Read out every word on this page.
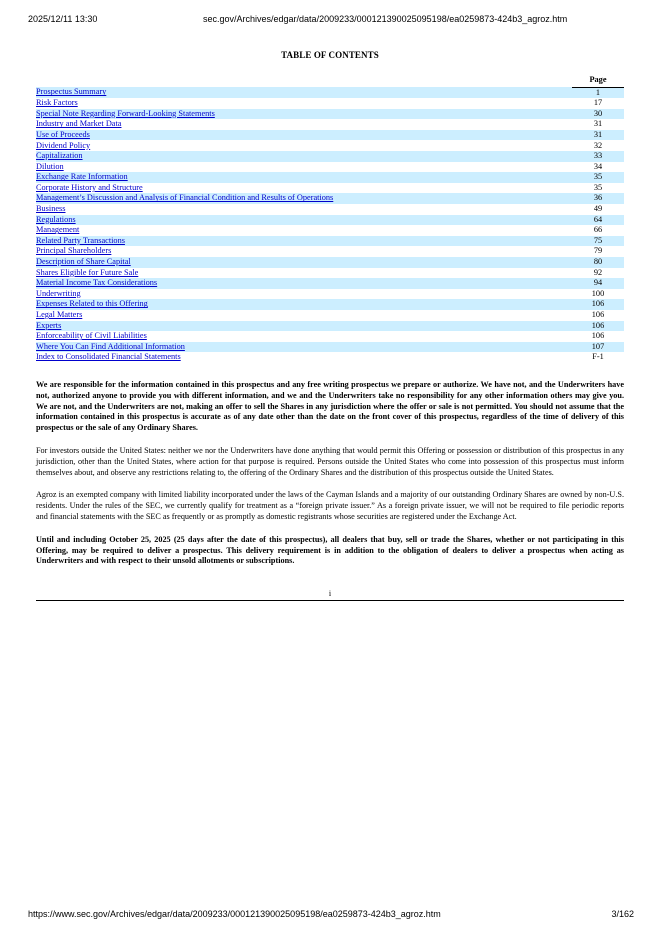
2025/12/11 13:30	sec.gov/Archives/edgar/data/2009233/000121390025095198/ea0259873-424b3_agroz.htm
TABLE OF CONTENTS
	Page
Prospectus Summary	1
Risk Factors	17
Special Note Regarding Forward-Looking Statements	30
Industry and Market Data	31
Use of Proceeds	31
Dividend Policy	32
Capitalization	33
Dilution	34
Exchange Rate Information	35
Corporate History and Structure	35
Management’s Discussion and Analysis of Financial Condition and Results of Operations	36
Business	49
Regulations	64
Management	66
Related Party Transactions	75
Principal Shareholders	79
Description of Share Capital	80
Shares Eligible for Future Sale	92
Material Income Tax Considerations	94
Underwriting	100
Expenses Related to this Offering	106
Legal Matters	106
Experts	106
Enforceability of Civil Liabilities	106
Where You Can Find Additional Information	107
Index to Consolidated Financial Statements	F-1

We are responsible for the information contained in this prospectus and any free writing prospectus we prepare or authorize. We have not, and the Underwriters have not, authorized anyone to provide you with different information, and we and the Underwriters take no responsibility for any other information others may give you. We are not, and the Underwriters are not, making an offer to sell the Shares in any jurisdiction where the offer or sale is not permitted. You should not assume that the information contained in this prospectus is accurate as of any date other than the date on the front cover of this prospectus, regardless of the time of delivery of this prospectus or the sale of any Ordinary Shares.

For investors outside the United States: neither we nor the Underwriters have done anything that would permit this Offering or possession or distribution of this prospectus in any jurisdiction, other than the United States, where action for that purpose is required. Persons outside the United States who come into possession of this prospectus must inform themselves about, and observe any restrictions relating to, the offering of the Ordinary Shares and the distribution of this prospectus outside the United States.

Agroz is an exempted company with limited liability incorporated under the laws of the Cayman Islands and a majority of our outstanding Ordinary Shares are owned by non-U.S. residents. Under the rules of the SEC, we currently qualify for treatment as a “foreign private issuer.” As a foreign private issuer, we will not be required to file periodic reports and financial statements with the SEC as frequently or as promptly as domestic registrants whose securities are registered under the Exchange Act.

Until and including October 25, 2025 (25 days after the date of this prospectus), all dealers that buy, sell or trade the Shares, whether or not participating in this Offering, may be required to deliver a prospectus. This delivery requirement is in addition to the obligation of dealers to deliver a prospectus when acting as Underwriters and with respect to their unsold allotments or subscriptions.

i
https://www.sec.gov/Archives/edgar/data/2009233/000121390025095198/ea0259873-424b3_agroz.htm	3/162
